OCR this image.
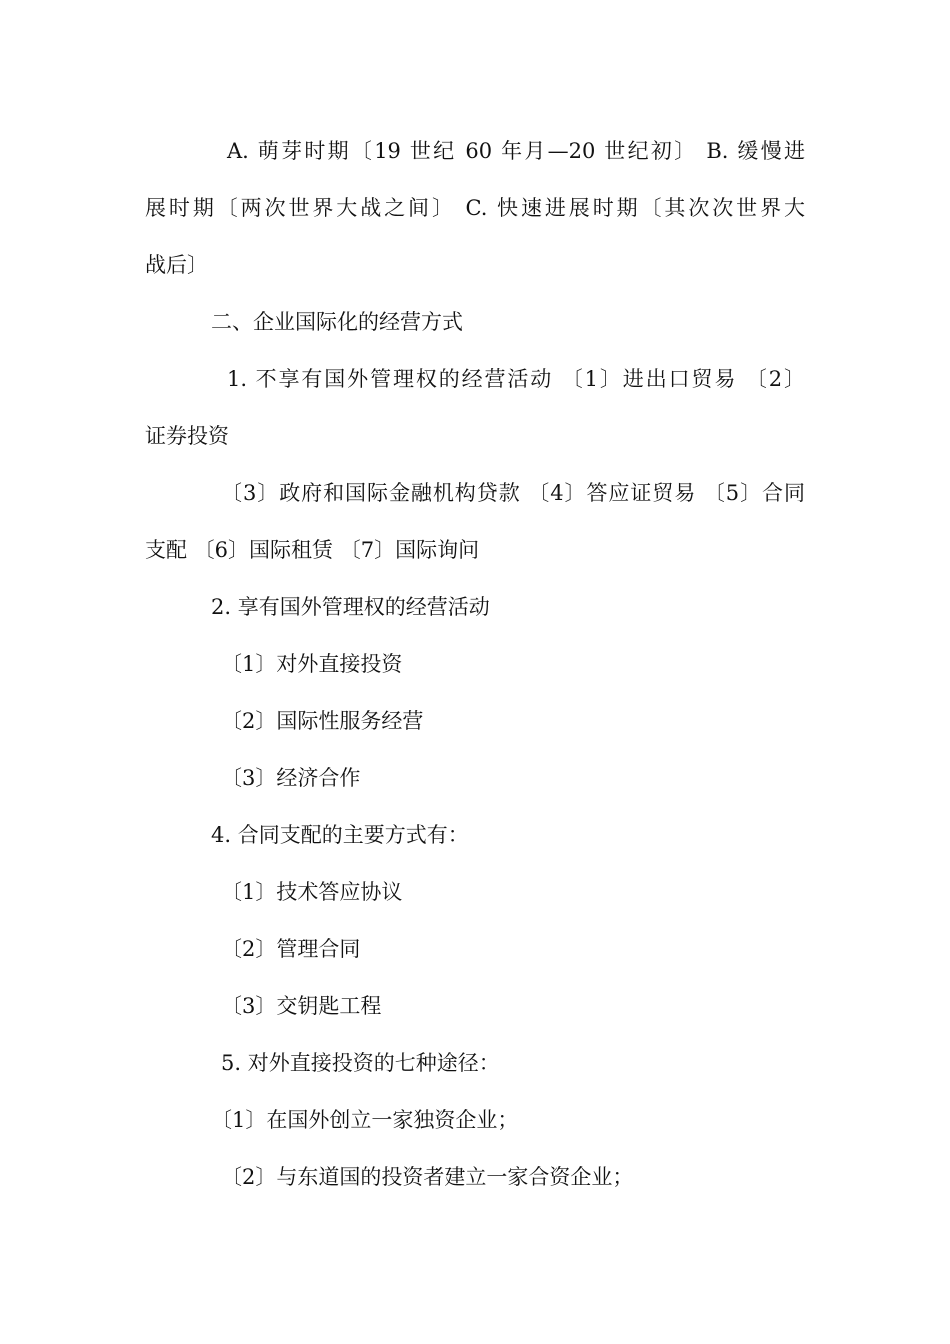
A. 萌芽时期〔19 世纪 60 年月—20 世纪初〕 B. 缓慢进
展时期〔两次世界大战之间〕 C. 快速进展时期〔其次次世界大
战后〕
二、企业国际化的经营方式
1. 不享有国外管理权的经营活动 〔1〕进出口贸易 〔2〕
证券投资
〔3〕政府和国际金融机构贷款 〔4〕答应证贸易 〔5〕合同
支配 〔6〕国际租赁 〔7〕国际询问
2. 享有国外管理权的经营活动
〔1〕对外直接投资
〔2〕国际性服务经营
〔3〕经济合作
4. 合同支配的主要方式有：
〔1〕技术答应协议
〔2〕管理合同
〔3〕交钥匙工程
5. 对外直接投资的七种途径：
〔1〕在国外创立一家独资企业；
〔2〕与东道国的投资者建立一家合资企业；
